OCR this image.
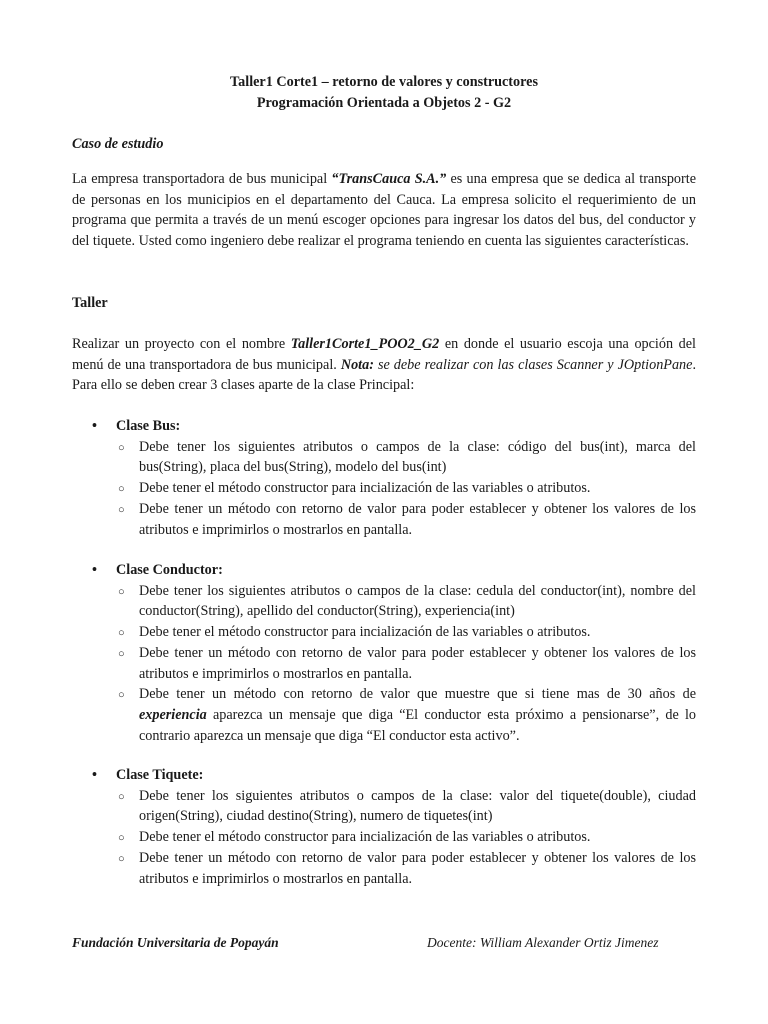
Taller1 Corte1 – retorno de valores y constructores
Programación Orientada a Objetos 2 - G2
Caso de estudio

La empresa transportadora de bus municipal “TransCauca S.A.” es una empresa que se dedica al transporte de personas en los municipios en el departamento del Cauca. La empresa solicito el requerimiento de un programa que permita a través de un menú escoger opciones para ingresar los datos del bus, del conductor y del tiquete. Usted como ingeniero debe realizar el programa teniendo en cuenta las siguientes características.

Taller

Realizar un proyecto con el nombre Taller1Corte1_POO2_G2 en donde el usuario escoja una opción del menú de una transportadora de bus municipal. Nota: se debe realizar con las clases Scanner y JOptionPane. Para ello se deben crear 3 clases aparte de la clase Principal:

• Clase Bus:
○ Debe tener los siguientes atributos o campos de la clase: código del bus(int), marca del bus(String), placa del bus(String), modelo del bus(int)
○ Debe tener el método constructor para incialización de las variables o atributos.
○ Debe tener un método con retorno de valor para poder establecer y obtener los valores de los atributos e imprimirlos o mostrarlos en pantalla.
• Clase Conductor:
○ Debe tener los siguientes atributos o campos de la clase: cedula del conductor(int), nombre del conductor(String), apellido del conductor(String), experiencia(int)
○ Debe tener el método constructor para incialización de las variables o atributos.
○ Debe tener un método con retorno de valor para poder establecer y obtener los valores de los atributos e imprimirlos o mostrarlos en pantalla.
○ Debe tener un método con retorno de valor que muestre que si tiene mas de 30 años de experiencia aparezca un mensaje que diga “El conductor esta próximo a pensionarse”, de lo contrario aparezca un mensaje que diga “El conductor esta activo”.
• Clase Tiquete:
○ Debe tener los siguientes atributos o campos de la clase: valor del tiquete(double), ciudad origen(String), ciudad destino(String), numero de tiquetes(int)
○ Debe tener el método constructor para incialización de las variables o atributos.
○ Debe tener un método con retorno de valor para poder establecer y obtener los valores de los atributos e imprimirlos o mostrarlos en pantalla.
Fundación Universitaria de Popayán	Docente: William Alexander Ortiz Jimenez
